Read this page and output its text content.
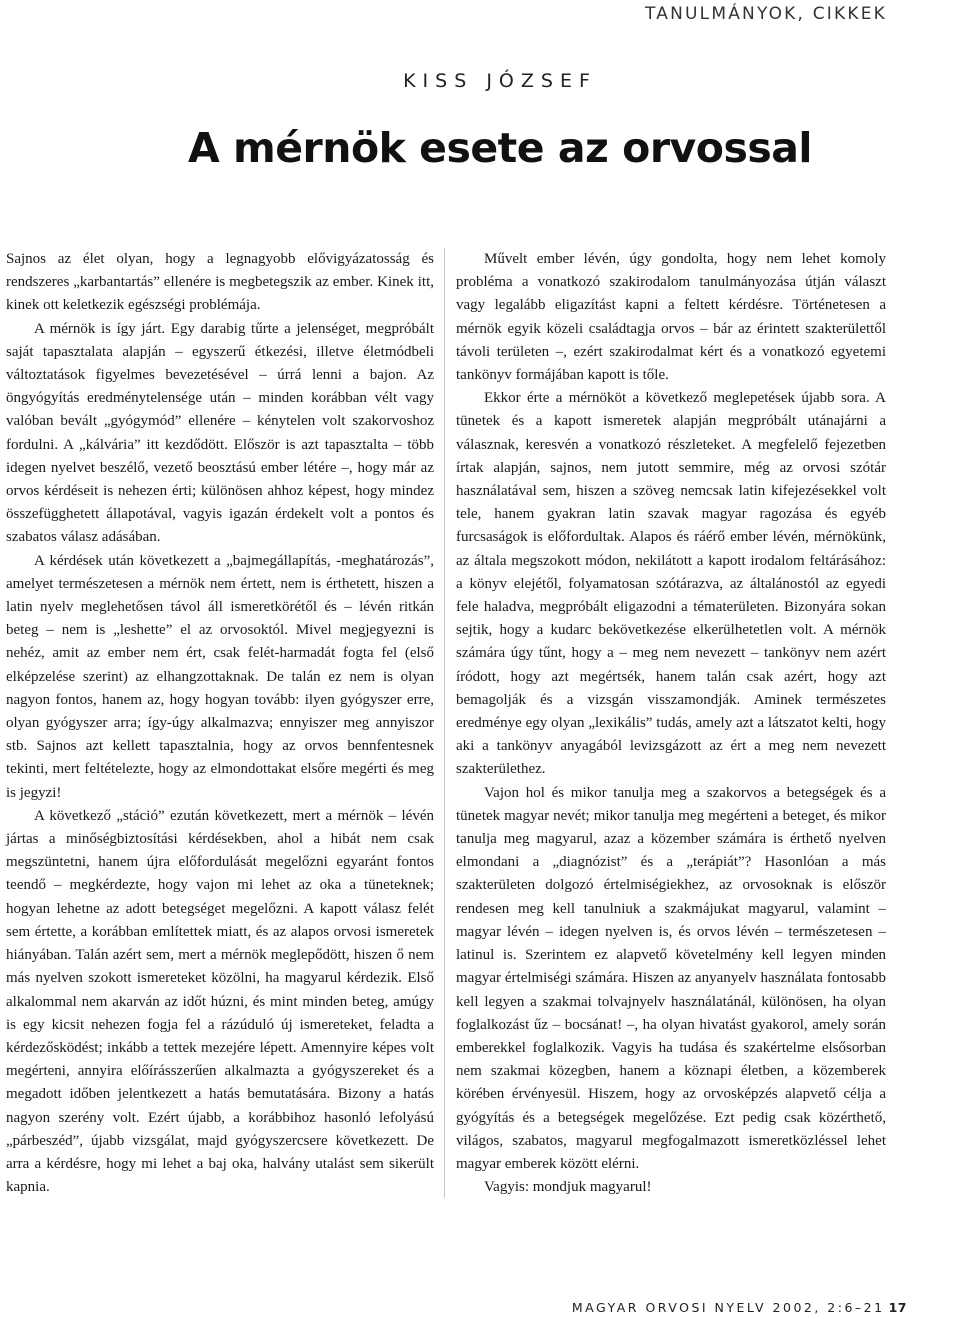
TANULMÁNYOK, CIKKEK
KISS JÓZSEF
A mérnök esete az orvossal

Sajnos az élet olyan, hogy a legnagyobb elővigyázatosság és rendszeres „karbantartás” ellenére is megbetegszik az ember. Kinek itt, kinek ott keletkezik egészségi problémája.

A mérnök is így járt. Egy darabig tűrte a jelenséget, megpróbált saját tapasztalata alapján – egyszerű étkezési, illetve életmódbeli változtatások figyelmes bevezetésével – úrrá lenni a bajon. Az öngyógyítás eredménytelensége után – minden korábban vélt vagy valóban bevált „gyógymód” ellenére – kénytelen volt szakorvoshoz fordulni. A „kálvária” itt kezdődött. Először is azt tapasztalta – több idegen nyelvet beszélő, vezető beosztású ember létére –, hogy már az orvos kérdéseit is nehezen érti; különösen ahhoz képest, hogy mindez összefügghetett állapotával, vagyis igazán érdekelt volt a pontos és szabatos válasz adásában.

A kérdések után következett a „bajmegállapítás, -meghatározás”, amelyet természetesen a mérnök nem értett, nem is érthetett, hiszen a latin nyelv meglehetősen távol áll ismeretkörétől és – lévén ritkán beteg – nem is „leshette” el az orvosoktól. Mivel megjegyezni is nehéz, amit az ember nem ért, csak felét-harmadát fogta fel (első elképzelése szerint) az elhangzottaknak. De talán ez nem is olyan nagyon fontos, hanem az, hogy hogyan tovább: ilyen gyógyszer erre, olyan gyógyszer arra; így-úgy alkalmazva; ennyiszer meg annyiszor stb. Sajnos azt kellett tapasztalnia, hogy az orvos bennfentesnek tekinti, mert feltételezte, hogy az elmondottakat elsőre megérti és meg is jegyzi!

A következő „stáció” ezután következett, mert a mérnök – lévén jártas a minőségbiztosítási kérdésekben, ahol a hibát nem csak megszüntetni, hanem újra előfordulását megelőzni egyaránt fontos teendő – megkérdezte, hogy vajon mi lehet az oka a tüneteknek; hogyan lehetne az adott betegséget megelőzni. A kapott válasz felét sem értette, a korábban említettek miatt, és az alapos orvosi ismeretek hiányában. Talán azért sem, mert a mérnök meglepődött, hiszen ő nem más nyelven szokott ismereteket közölni, ha magyarul kérdezik. Első alkalommal nem akarván az időt húzni, és mint minden beteg, amúgy is egy kicsit nehezen fogja fel a rázúduló új ismereteket, feladta a kérdezősködést; inkább a tettek mezejére lépett. Amennyire képes volt megérteni, annyira előírásszerűen alkalmazta a gyógyszereket és a megadott időben jelentkezett a hatás bemutatására. Bizony a hatás nagyon szerény volt. Ezért újabb, a korábbihoz hasonló lefolyású „párbeszéd”, újabb vizsgálat, majd gyógyszercsere következett. De arra a kérdésre, hogy mi lehet a baj oka, halvány utalást sem sikerült kapnia.

Művelt ember lévén, úgy gondolta, hogy nem lehet komoly probléma a vonatkozó szakirodalom tanulmányozása útján választ vagy legalább eligazítást kapni a feltett kérdésre. Történetesen a mérnök egyik közeli családtagja orvos – bár az érintett szakterülettől távoli területen –, ezért szakirodalmat kért és a vonatkozó egyetemi tankönyv formájában kapott is tőle.

Ekkor érte a mérnököt a következő meglepetések újabb sora. A tünetek és a kapott ismeretek alapján megpróbált utánajárni a válasznak, keresvén a vonatkozó részleteket. A megfelelő fejezetben írtak alapján, sajnos, nem jutott semmire, még az orvosi szótár használatával sem, hiszen a szöveg nemcsak latin kifejezésekkel volt tele, hanem gyakran latin szavak magyar ragozása és egyéb furcsaságok is előfordultak. Alapos és ráérő ember lévén, mérnökünk, az általa megszokott módon, nekilátott a kapott irodalom feltárásához: a könyv elejétől, folyamatosan szótárazva, az általánostól az egyedi fele haladva, megpróbált eligazodni a tématerületen. Bizonyára sokan sejtik, hogy a kudarc bekövetkezése elkerülhetetlen volt. A mérnök számára úgy tűnt, hogy a – meg nem nevezett – tankönyv nem azért íródott, hogy azt megértsék, hanem talán csak azért, hogy azt bemagolják és a vizsgán visszamondják. Aminek természetes eredménye egy olyan „lexikális” tudás, amely azt a látszatot kelti, hogy aki a tankönyv anyagából levizsgázott az ért a meg nem nevezett szakterülethez.

Vajon hol és mikor tanulja meg a szakorvos a betegségek és a tünetek magyar nevét; mikor tanulja meg megérteni a beteget, és mikor tanulja meg magyarul, azaz a közember számára is érthető nyelven elmondani a „diagnózist” és a „terápiát”? Hasonlóan a más szakterületen dolgozó értelmiségiekhez, az orvosoknak is először rendesen meg kell tanulniuk a szakmájukat magyarul, valamint – magyar lévén – idegen nyelven is, és orvos lévén – természetesen – latinul is. Szerintem ez alapvető követelmény kell legyen minden magyar értelmiségi számára. Hiszen az anyanyelv használata fontosabb kell legyen a szakmai tolvajnyelv használatánál, különösen, ha olyan foglalkozást űz – bocsánat! –, ha olyan hivatást gyakorol, amely során emberekkel foglalkozik. Vagyis ha tudása és szakértelme elsősorban nem szakmai közegben, hanem a köznapi életben, a közemberek körében érvényesül. Hiszem, hogy az orvosképzés alapvető célja a gyógyítás és a betegségek megelőzése. Ezt pedig csak közérthető, világos, szabatos, magyarul megfogalmazott ismeretközléssel lehet magyar emberek között elérni.

Vagyis: mondjuk magyarul!

MAGYAR ORVOSI NYELV 2002, 2:6–21 17
